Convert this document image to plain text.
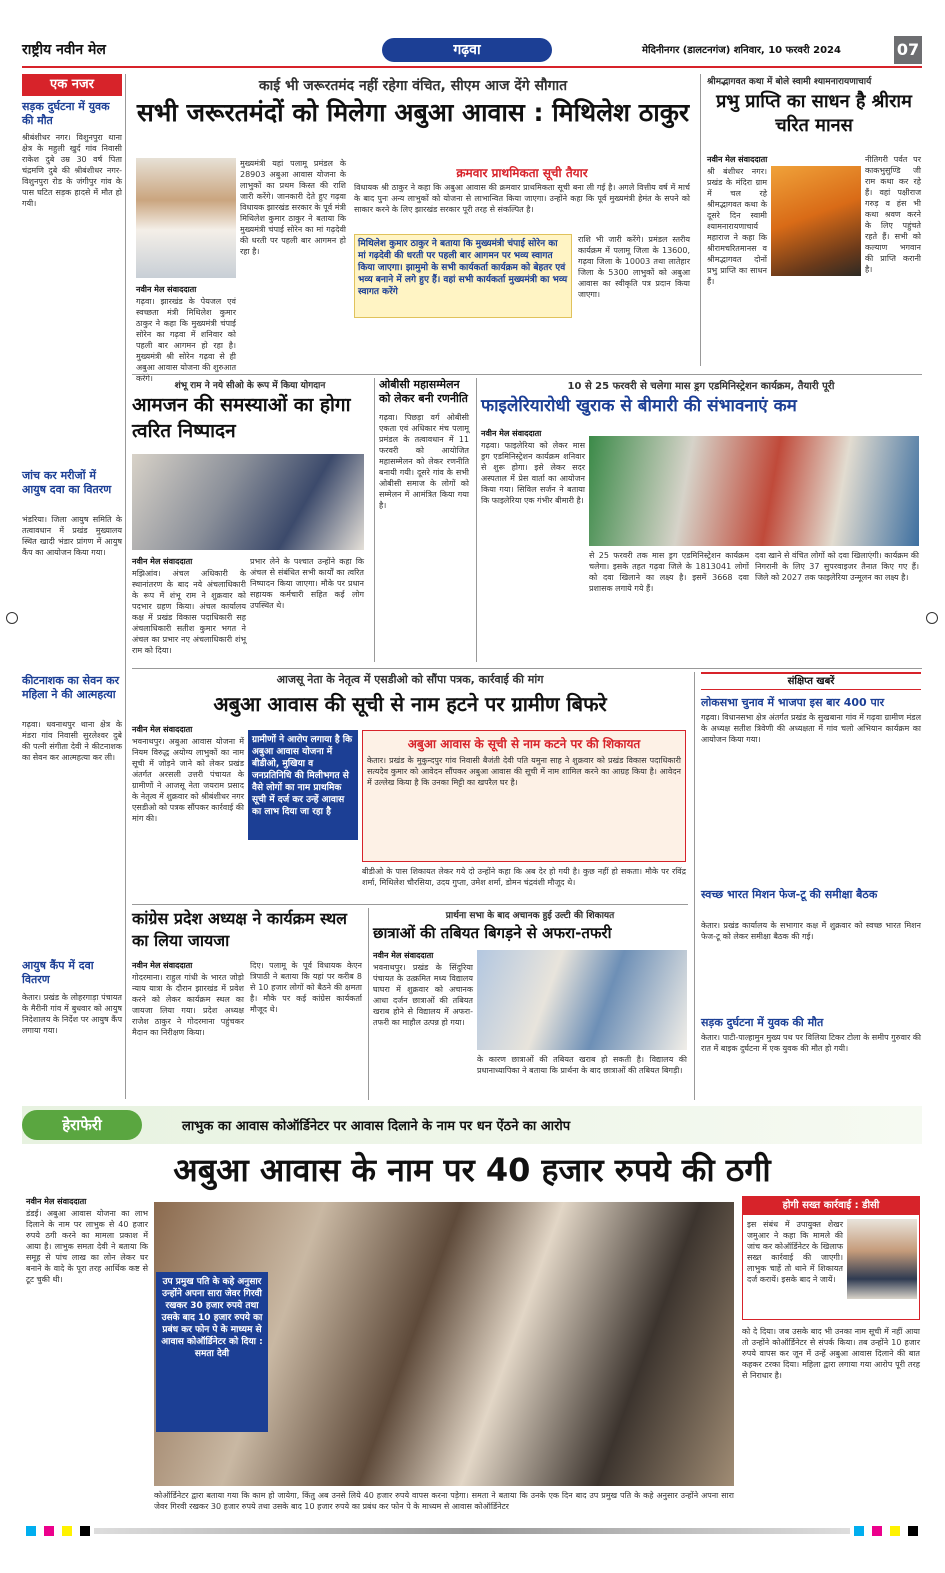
राष्ट्रीय नवीन मेल	गढ़वा	मेदिनीनगर (डालटनगंज) शनिवार, 10 फरवरी 2024	07
एक नजर
सड़क दुर्घटना में युवक की मौत
श्रीबंशीधर नगर। विशुनपुरा थाना क्षेत्र के महुली खुर्द गांव निवासी राकेश दुबे उम्र 30 वर्ष पिता चंद्रमणि दुबे की श्रीबंशीधर नगर-विशुनपुरा रोड के जंगीपुर गांव के पास घटित सड़क हादसे में मौत हो गयी।
जांच कर मरीजों में आयुष दवा का वितरण
भंडरिया। जिला आयुष समिति के तत्वावधान में प्रखंड मुख्यालय स्थित खादी भंडार प्रांगण में आयुष कैंप का आयोजन किया गया।
कीटनाशक का सेवन कर महिला ने की आत्महत्या
गढ़वा। धवनाथपुर थाना क्षेत्र के मंडरा गांव निवासी सुरलेश्वर दुबे की पत्नी संगीता देवी ने कीटनाशक का सेवन कर आत्महत्या कर ली।
आयुष कैंप में दवा वितरण
केतार। प्रखंड के लोहरगाड़ा पंचायत के मैरीनी गांव में बुधवार को आयुष निदेशालय के निर्देश पर आयुष कैंप लगाया गया।
काई भी जरूरतमंद नहीं रहेगा वंचित, सीएम आज देंगे सौगात
सभी जरूरतमंदों को मिलेगा अबुआ आवास : मिथिलेश ठाकुर
नवीन मेल संवाददाता
गढ़वा। झारखंड के पेयजल एवं स्वच्छता मंत्री मिथिलेश कुमार ठाकुर ने कहा कि मुख्यमंत्री चंपाई सोरेन का गढ़वा में शनिवार को पहली बार आगमन हो रहा है। मुख्यमंत्री श्री सोरेन गढ़वा से ही अबुआ आवास योजना की शुरुआत करेंगे।
मुख्यमंत्री यहां पलामू प्रमंडल के 28903 अबुआ आवास योजना के लाभुकों का प्रथम किस्त की राशि जारी करेंगे। जानकारी देते हुए गढ़वा विधायक झारखंड सरकार के पूर्व मंत्री मिथिलेश कुमार ठाकुर ने बताया कि मुख्यमंत्री चंपाई सोरेन का मां गढ़देवी की धरती पर पहली बार आगमन हो रहा है।
क्रमवार प्राथमिकता सूची तैयार
विधायक श्री ठाकुर ने कहा कि अबुआ आवास की क्रमवार प्राथमिकता सूची बना ली गई है। अगले वित्तीय वर्ष में मार्च के बाद पुनः अन्य लाभुकों को योजना से लाभान्वित किया जाएगा। उन्होंने कहा कि पूर्व मुख्यमंत्री हेमंत के सपने को साकार करने के लिए झारखंड सरकार पूरी तरह से संकल्पित है।
मिथिलेश कुमार ठाकुर ने बताया कि मुख्यमंत्री चंपाई सोरेन का मां गढ़देवी की धरती पर पहली बार आगमन पर भव्य स्वागत किया जाएगा। झामुमो के सभी कार्यकर्ता कार्यक्रम को बेहतर एवं भव्य बनाने में लगे हुए हैं। वहां सभी कार्यकर्ता मुख्यमंत्री का भव्य स्वागत करेंगे
राशि भी जारी करेंगे। प्रमंडल स्तरीय कार्यक्रम में पलामू जिला के 13600, गढ़वा जिला के 10003 तथा लातेहार जिला के 5300 लाभुकों को अबुआ आवास का स्वीकृति पत्र प्रदान किया जाएगा।
श्रीमद्भागवत कथा में बोले स्वामी श्यामनारायणाचार्य
प्रभु प्राप्ति का साधन है श्रीराम चरित मानस
नवीन मेल संवाददाता
श्री बंशीधर नगर। प्रखंड के मंदिरा ग्राम में चल रहे श्रीमद्भागवत कथा के दूसरे दिन स्वामी श्यामनारायणाचार्य महाराज ने कहा कि श्रीरामचरितमानस व श्रीमद्भागवत दोनों प्रभु प्राप्ति का साधन हैं।
नीतिगरी पर्वत पर काकभुसुण्डि जी राम कथा कर रहे हैं। वहां पक्षीराज गरुड़ व हंस भी कथा श्रवण करने के लिए पहुंचते रहते हैं। सभी को कल्याण भगवान की प्राप्ति करानी है।
शंभू राम ने नये सीओ के रूप में किया योगदान
आमजन की समस्याओं का होगा त्वरित निष्पादन
नवीन मेल संवाददाता
मझिआंव। अंचल अधिकारी के स्थानांतरण के बाद नये अंचलाधिकारी के रूप में शंभू राम ने शुक्रवार को पदभार ग्रहण किया। अंचल कार्यालय कक्ष में प्रखंड विकास पदाधिकारी सह अंचलाधिकारी सतीश कुमार भगत ने अंचल का प्रभार नए अंचलाधिकारी शंभू राम को दिया।
प्रभार लेने के पश्चात उन्होंने कहा कि अंचल से संबंधित सभी कार्यों का त्वरित निष्पादन किया जाएगा। मौके पर प्रधान सहायक कर्मचारी सहित कई लोग उपस्थित थे।
ओबीसी महासम्मेलन को लेकर बनी रणनीति
गढ़वा। पिछड़ा वर्ग ओबीसी एकता एवं अधिकार मंच पलामू प्रमंडल के तत्वावधान में 11 फरवरी को आयोजित महासम्मेलन को लेकर रणनीति बनायी गयी। दूसरे गांव के सभी ओबीसी समाज के लोगों को सम्मेलन में आमंत्रित किया गया है।
10 से 25 फरवरी से चलेगा मास ड्रग एडमिनिस्ट्रेशन कार्यक्रम, तैयारी पूरी
फाइलेरियारोधी खुराक से बीमारी की संभावनाएं कम
नवीन मेल संवाददाता
गढ़वा। फाइलेरिया को लेकर मास ड्रग एडमिनिस्ट्रेशन कार्यक्रम शनिवार से शुरू होगा। इसे लेकर सदर अस्पताल में प्रेस वार्ता का आयोजन किया गया। सिविल सर्जन ने बताया कि फाइलेरिया एक गंभीर बीमारी है।
से 25 फरवरी तक मास ड्रग एडमिनिस्ट्रेशन कार्यक्रम चलेगा। इसके तहत गढ़वा जिले के 1813041 लोगों को दवा खिलाने का लक्ष्य है। इसमें 3668 दवा प्रशासक लगाये गये हैं।
दवा खाने से वंचित लोगों को दवा खिलाएंगी। कार्यक्रम की निगरानी के लिए 37 सुपरवाइजर तैनात किए गए हैं। जिले को 2027 तक फाइलेरिया उन्मूलन का लक्ष्य है।
आजसू नेता के नेतृत्व में एसडीओ को सौंपा पत्रक, कार्रवाई की मांग
अबुआ आवास की सूची से नाम हटने पर ग्रामीण बिफरे
नवीन मेल संवाददाता
भवनाथपुर। अबुआ आवास योजना में नियम विरुद्ध अयोग्य लाभुकों का नाम सूची में जोड़ने जाने को लेकर प्रखंड अंतर्गत अरसली उत्तरी पंचायत के ग्रामीणों ने आजसू नेता जयराम प्रसाद के नेतृत्व में शुक्रवार को श्रीबंशीधर नगर एसडीओ को पत्रक सौंपकर कार्रवाई की मांग की।
ग्रामीणों ने आरोप लगाया है कि अबुआ आवास योजना में बीडीओ, मुखिया व जनप्रतिनिधि की मिलीभगत से वैसे लोगों का नाम प्राथमिक सूची में दर्ज कर उन्हें आवास का लाभ दिया जा रहा है
अबुआ आवास के सूची से नाम कटने पर की शिकायत
केतार। प्रखंड के मुकुन्दपुर गांव निवासी बैजंती देवी पति यमुना साह ने शुक्रवार को प्रखंड विकास पदाधिकारी सत्यदेव कुमार को आवेदन सौंपकर अबुआ आवास की सूची में नाम शामिल करने का आग्रह किया है। आवेदन में उल्लेख किया है कि उनका मिट्टी का खपरैल घर है।
बीडीओ के पास शिकायत लेकर गये दो उन्होंने कहा कि अब देर हो गयी है। कुछ नहीं हो सकता। मौके पर रविंद्र शर्मा, मिथिलेश चौरसिया, उदय गुप्ता, उमेश शर्मा, डोमन चंद्रवंशी मौजूद थे।
संक्षिप्त खबरें
लोकसभा चुनाव में भाजपा इस बार 400 पार
गढ़वा। विधानसभा क्षेत्र अंतर्गत प्रखंड के सुखबाना गांव में गढ़वा ग्रामीण मंडल के अध्यक्ष सतीश त्रिवेणी की अध्यक्षता में गांव चलो अभियान कार्यक्रम का आयोजन किया गया।
स्वच्छ भारत मिशन फेज-टू की समीक्षा बैठक
केतार। प्रखंड कार्यालय के सभागार कक्ष में शुक्रवार को स्वच्छ भारत मिशन फेज-टू को लेकर समीक्षा बैठक की गई।
सड़क दुर्घटना में युवक की मौत
केतार। पाटी-पाल्हामुन मुख्य पथ पर विलिया टिकर टोला के समीप गुरुवार की रात में बाइक दुर्घटना में एक युवक की मौत हो गयी।
कांग्रेस प्रदेश अध्यक्ष ने कार्यक्रम स्थल का लिया जायजा
नवीन मेल संवाददाता
गोदरमाना। राहुल गांधी के भारत जोड़ो न्याय यात्रा के दौरान झारखंड में प्रवेश करने को लेकर कार्यक्रम स्थल का जायजा लिया गया। प्रदेश अध्यक्ष राजेश ठाकुर ने गोदरमाना पहुंचकर मैदान का निरीक्षण किया।
दिए। पलामू के पूर्व विधायक केएन त्रिपाठी ने बताया कि यहां पर करीब 8 से 10 हजार लोगों को बैठने की क्षमता है। मौके पर कई कांग्रेस कार्यकर्ता मौजूद थे।
प्रार्थना सभा के बाद अचानक हुई उल्टी की शिकायत
छात्राओं की तबियत बिगड़ने से अफरा-तफरी
नवीन मेल संवाददाता
भवनाथपुर। प्रखंड के सिंदुरिया पंचायत के उत्क्रमित मध्य विद्यालय घाघरा में शुक्रवार को अचानक आधा दर्जन छात्राओं की तबियत खराब होने से विद्यालय में अफरा-तफरी का माहौल उत्पन्न हो गया।
के कारण छात्राओं की तबियत खराब हो सकती है। विद्यालय की प्रधानाध्यापिका ने बताया कि प्रार्थना के बाद छात्राओं की तबियत बिगड़ी।
हेराफेरी	लाभुक का आवास कोऑर्डिनेटर पर आवास दिलाने के नाम पर धन ऐंठने का आरोप
अबुआ आवास के नाम पर 40 हजार रुपये की ठगी
नवीन मेल संवाददाता
डंडई। अबुआ आवास योजना का लाभ दिलाने के नाम पर लाभुक से 40 हजार रुपये ठगी करने का मामला प्रकाश में आया है। लाभुक समता देवी ने बताया कि समूह से पांच लाख का लोन लेकर घर बनाने के वादे के पूरा तरह आर्थिक कष्ट से टूट चुकी थी।	उप प्रमुख पति के कहे अनुसार उन्होंने अपना सारा जेवर गिरवी रखकर 30 हजार रुपये तथा उसके बाद 10 हजार रुपये का प्रबंध कर फोन पे के माध्यम से आवास कोऑर्डिनेटर को दिया : समता देवी
कोऑर्डिनेटर द्वारा बताया गया कि काम हो जायेगा, किंतु अब उनसे लिये 40 हजार रुपये वापस करना पड़ेगा। समता ने बताया कि उनके एक दिन बाद उप प्रमुख पति के कहे अनुसार उन्होंने अपना सारा जेवर गिरवी रखकर 30 हजार रुपये तथा उसके बाद 10 हजार रुपये का प्रबंध कर फोन पे के माध्यम से आवास कोऑर्डिनेटर
होगी सख्त कार्रवाई : डीसी
इस संबंध में उपायुक्त शेखर जमुआर ने कहा कि मामले की जांच कर कोऑर्डिनेटर के खिलाफ सख्त कार्रवाई की जाएगी। लाभुक चाहें तो थाने में शिकायत दर्ज करायें। इसके बाद ने जायें।
को दे दिया। जब उसके बाद भी उनका नाम सूची में नहीं आया तो उन्होंने कोऑर्डिनेटर से संपर्क किया। तब उन्होंने 10 हजार रुपये वापस कर जून में उन्हें अबुआ आवास दिलाने की बात कहकर टरका दिया। महिला द्वारा लगाया गया आरोप पूरी तरह से निराधार है।
